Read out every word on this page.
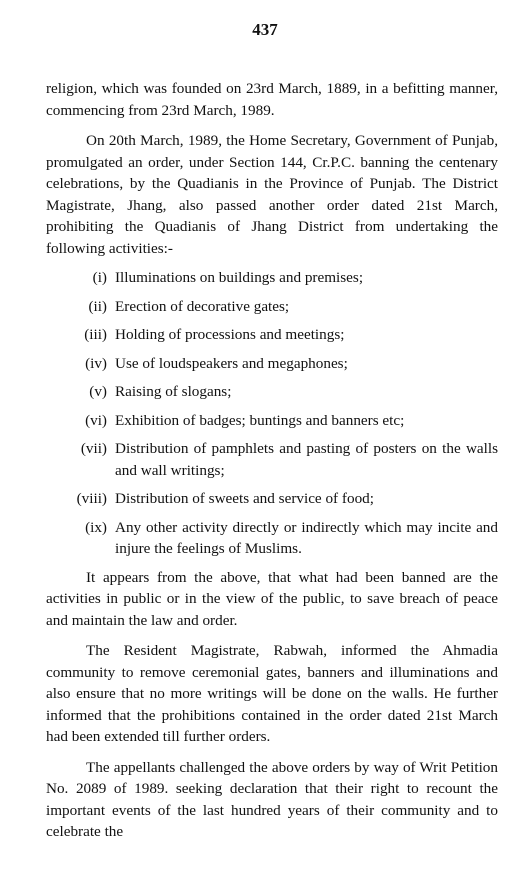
437

religion, which was founded on 23rd March, 1889, in a befitting manner, commencing from 23rd March, 1989.

On 20th March, 1989, the Home Secretary, Government of Punjab, promulgated an order, under Section 144, Cr.P.C. banning the centenary celebrations, by the Quadianis in the Province of Punjab. The District Magistrate, Jhang, also passed another order dated 21st March, prohibiting the Quadianis of Jhang District from undertaking the following activities:-

(i) Illuminations on buildings and premises;
(ii) Erection of decorative gates;
(iii) Holding of processions and meetings;
(iv) Use of loudspeakers and megaphones;
(v) Raising of slogans;
(vi) Exhibition of badges; buntings and banners etc;
(vii) Distribution of pamphlets and pasting of posters on the walls and wall writings;
(viii) Distribution of sweets and service of food;
(ix) Any other activity directly or indirectly which may incite and injure the feelings of Muslims.

It appears from the above, that what had been banned are the activities in public or in the view of the public, to save breach of peace and maintain the law and order.

The Resident Magistrate, Rabwah, informed the Ahmadia community to remove ceremonial gates, banners and illuminations and also ensure that no more writings will be done on the walls. He further informed that the prohibitions contained in the order dated 21st March had been extended till further orders.

The appellants challenged the above orders by way of Writ Petition No. 2089 of 1989. seeking declaration that their right to recount the important events of the last hundred years of their community and to celebrate the
